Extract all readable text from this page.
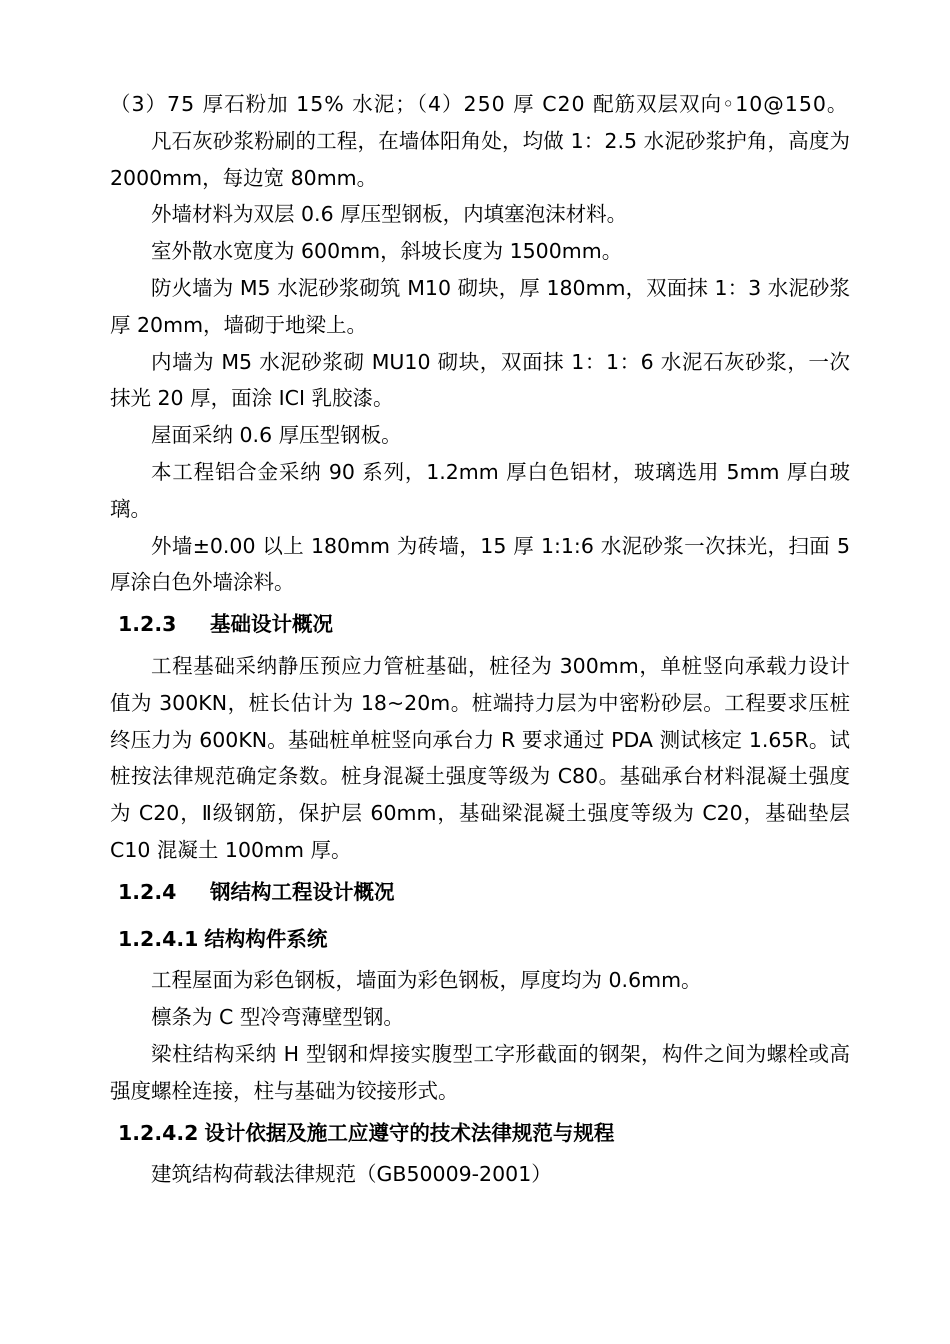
（3）75 厚石粉加 15% 水泥；（4）250 厚 C20 配筋双层双向◦10@150。

凡石灰砂浆粉刷的工程，在墙体阳角处，均做 1：2.5 水泥砂浆护角，高度为 2000mm，每边宽 80mm。

外墙材料为双层 0.6 厚压型钢板，内填塞泡沫材料。

室外散水宽度为 600mm，斜坡长度为 1500mm。

防火墙为 M5 水泥砂浆砌筑 M10 砌块，厚 180mm，双面抹 1：3 水泥砂浆厚 20mm，墙砌于地梁上。

内墙为 M5 水泥砂浆砌 MU10 砌块，双面抹 1：1：6 水泥石灰砂浆，一次抹光 20 厚，面涂 ICI 乳胶漆。

屋面采纳 0.6 厚压型钢板。

本工程铝合金采纳 90 系列，1.2mm 厚白色铝材，玻璃选用 5mm 厚白玻璃。

外墙±0.00 以上 180mm 为砖墙，15 厚 1:1:6 水泥砂浆一次抹光，扫面 5 厚涂白色外墙涂料。

1.2.3 基础设计概况

工程基础采纳静压预应力管桩基础，桩径为 300mm，单桩竖向承载力设计值为 300KN，桩长估计为 18~20m。桩端持力层为中密粉砂层。工程要求压桩终压力为 600KN。基础桩单桩竖向承台力 R 要求通过 PDA 测试核定 1.65R。试桩按法律规范确定条数。桩身混凝土强度等级为 C80。基础承台材料混凝土强度为 C20，Ⅱ级钢筋，保护层 60mm，基础梁混凝土强度等级为 C20，基础垫层 C10 混凝土 100mm 厚。

1.2.4 钢结构工程设计概况
1.2.4.1 结构构件系统

工程屋面为彩色钢板，墙面为彩色钢板，厚度均为 0.6mm。

檩条为 C 型冷弯薄壁型钢。

梁柱结构采纳 H 型钢和焊接实腹型工字形截面的钢架，构件之间为螺栓或高强度螺栓连接，柱与基础为铰接形式。

1.2.4.2 设计依据及施工应遵守的技术法律规范与规程

建筑结构荷载法律规范（GB50009-2001）
